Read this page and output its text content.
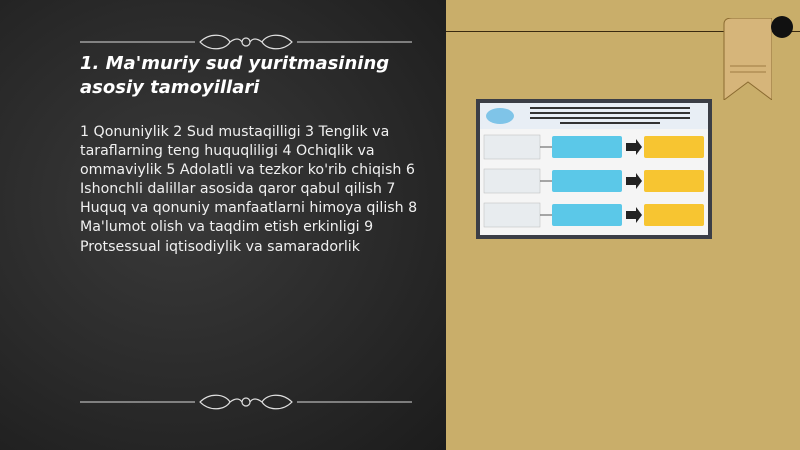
1. Ma'muriy sud yuritmasining asosiy tamoyillari
1 Qonuniylik 2 Sud mustaqilligi 3 Tenglik va taraflarning teng huquqliligi 4 Ochiqlik va ommaviylik 5 Adolatli va tezkor ko'rib chiqish 6 Ishonchli dalillar asosida qaror qabul qilish 7 Huquq va qonuniy manfaatlarni himoya qilish 8 Ma'lumot olish va taqdim etish erkinligi 9 Protsessual iqtisodiylik va samaradorlik
